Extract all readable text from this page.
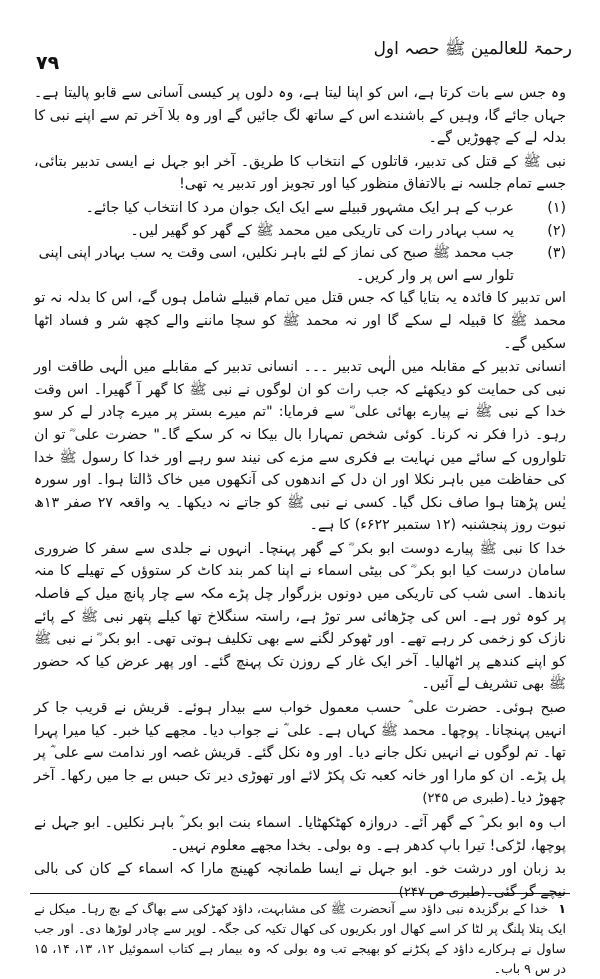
۷۹
رحمۃ للعالمین ﷺ حصہ اول

وہ جس سے بات کرتا ہے، اس کو اپنا لیتا ہے، وہ دلوں پر کیسی آسانی سے قابو پالیتا ہے۔ جہاں جائے گا، وہیں کے باشندے اس کے ساتھ لگ جائیں گے اور وہ بلا آخر تم سے اپنے نبی کا بدلہ لے کے چھوڑیں گے۔

نبی ﷺ کے قتل کی تدبیر، قاتلوں کے انتخاب کا طریق۔ آخر ابو جہل نے ایسی تدبیر بتائی، جسے تمام جلسہ نے بالاتفاق منظور کیا اور تجویز اور تدبیر یہ تھی!

(۱)
عرب کے ہر ایک مشہور قبیلے سے ایک ایک جوان مرد کا انتخاب کیا جائے۔
(۲)
یہ سب بہادر رات کی تاریکی میں محمد ﷺ کے گھر کو گھیر لیں۔
(۳)
جب محمد ﷺ صبح کی نماز کے لئے باہر نکلیں، اسی وقت یہ سب بہادر اپنی اپنی تلوار سے اس پر وار کریں۔

اس تدبیر کا فائدہ یہ بتایا گیا کہ جس قتل میں تمام قبیلے شامل ہوں گے، اس کا بدلہ نہ تو محمد ﷺ کا قبیلہ لے سکے گا اور نہ محمد ﷺ کو سچا ماننے والے کچھ شر و فساد اٹھا سکیں گے۔

انسانی تدبیر کے مقابلہ میں الٰہی تدبیر ۔۔۔ انسانی تدبیر کے مقابلے میں الٰہی طاقت اور نبی کی حمایت کو دیکھئے کہ جب رات کو ان لوگوں نے نبی ﷺ کا گھر آ گھیرا۔ اس وقت خدا کے نبی ﷺ نے پیارے بھائی علی ؓ سے فرمایا: "تم میرے بستر پر میرے چادر لے کر سو رہو۔ ذرا فکر نہ کرنا۔ کوئی شخص تمہارا بال بیکا نہ کر سکے گا۔" حضرت علی ؓ تو ان تلواروں کے سائے میں نہایت بے فکری سے مزے کی نیند سو رہے اور خدا کا رسول ﷺ خدا کی حفاظت میں باہر نکلا اور ان دل کے اندھوں کی آنکھوں میں خاک ڈالتا ہوا۔ اور سورہ یٰس پڑھتا ہوا صاف نکل گیا۔ کسی نے نبی ﷺ کو جاتے نہ دیکھا۔ یہ واقعہ ۲۷ صفر ۱۳ھ نبوت روز پنجشنبہ (۱۲ ستمبر ۶۲۲ء) کا ہے۔

خدا کا نبی ﷺ پیارے دوست ابو بکر ؓ کے گھر پہنچا۔ انہوں نے جلدی سے سفر کا ضروری سامان درست کیا ابو بکر ؓ کی بیٹی اسماء نے اپنا کمر بند کاٹ کر ستوؤں کے تھیلے کا منہ باندھا۔ اسی شب کی تاریکی میں دونوں بزرگوار چل پڑے مکہ سے چار پانچ میل کے فاصلہ پر کوہ ثور ہے۔ اس کی چڑھائی سر توڑ ہے، راستہ سنگلاخ تھا کیلے پتھر نبی ﷺ کے پائے نازک کو زخمی کر رہے تھے۔ اور ٹھوکر لگنے سے بھی تکلیف ہوتی تھی۔ ابو بکر ؓ نے نبی ﷺ کو اپنے کندھے پر اٹھالیا۔ آخر ایک غار کے روزن تک پہنچ گئے۔ اور پھر عرض کیا کہ حضور ﷺ بھی تشریف لے آئیں۔

صبح ہوئی۔ حضرت علی ؓ حسب معمول خواب سے بیدار ہوئے۔ قریش نے قریب جا کر انہیں پہنچانا۔ پوچھا۔ محمد ﷺ کہاں ہے۔ علی ؓ نے جواب دیا۔ مجھے کیا خبر۔ کیا میرا پہرا تھا۔ تم لوگوں نے انہیں نکل جانے دیا۔ اور وہ نکل گئے۔ قریش غصہ اور ندامت سے علی ؓ پر پل پڑے۔ ان کو مارا اور خانہ کعبہ تک پکڑ لائے اور تھوڑی دیر تک حبس بے جا میں رکھا۔ آخر چھوڑ دیا۔(طبری ص ۲۴۵)

اب وہ ابو بکر ؓ کے گھر آئے۔ دروازہ کھٹکھٹایا۔ اسماء بنت ابو بکر ؓ باہر نکلیں۔ ابو جہل نے پوچھا، لڑکی! تیرا باپ کدھر ہے۔ وہ بولی۔ بخدا مجھے معلوم نہیں۔

بد زبان اور درشت خو۔ ابو جہل نے ایسا طمانچہ کھینچ مارا کہ اسماء کے کان کی بالی نیچے گر گئی۔(طبری ص ۲۴۷)

۱ خدا کے برگزیدہ نبی داؤد سے آنحضرت ﷺ کی مشابہت، داؤد کھڑکی سے بھاگ کے بچ رہا۔ میکل نے ایک پتلا پلنگ پر لٹا کر اسے کھال اور بکریوں کی کھال تکیہ کی جگہ۔ لوپر سے چادر لوڑھا دی۔ اور جب ساول نے ہرکارے داؤد کے پکڑنے کو بھیجے تب وہ بولی کہ وہ بیمار ہے کتاب اسموئیل ۱۲، ۱۳، ۱۴، ۱۵ در س ۹ باب۔
